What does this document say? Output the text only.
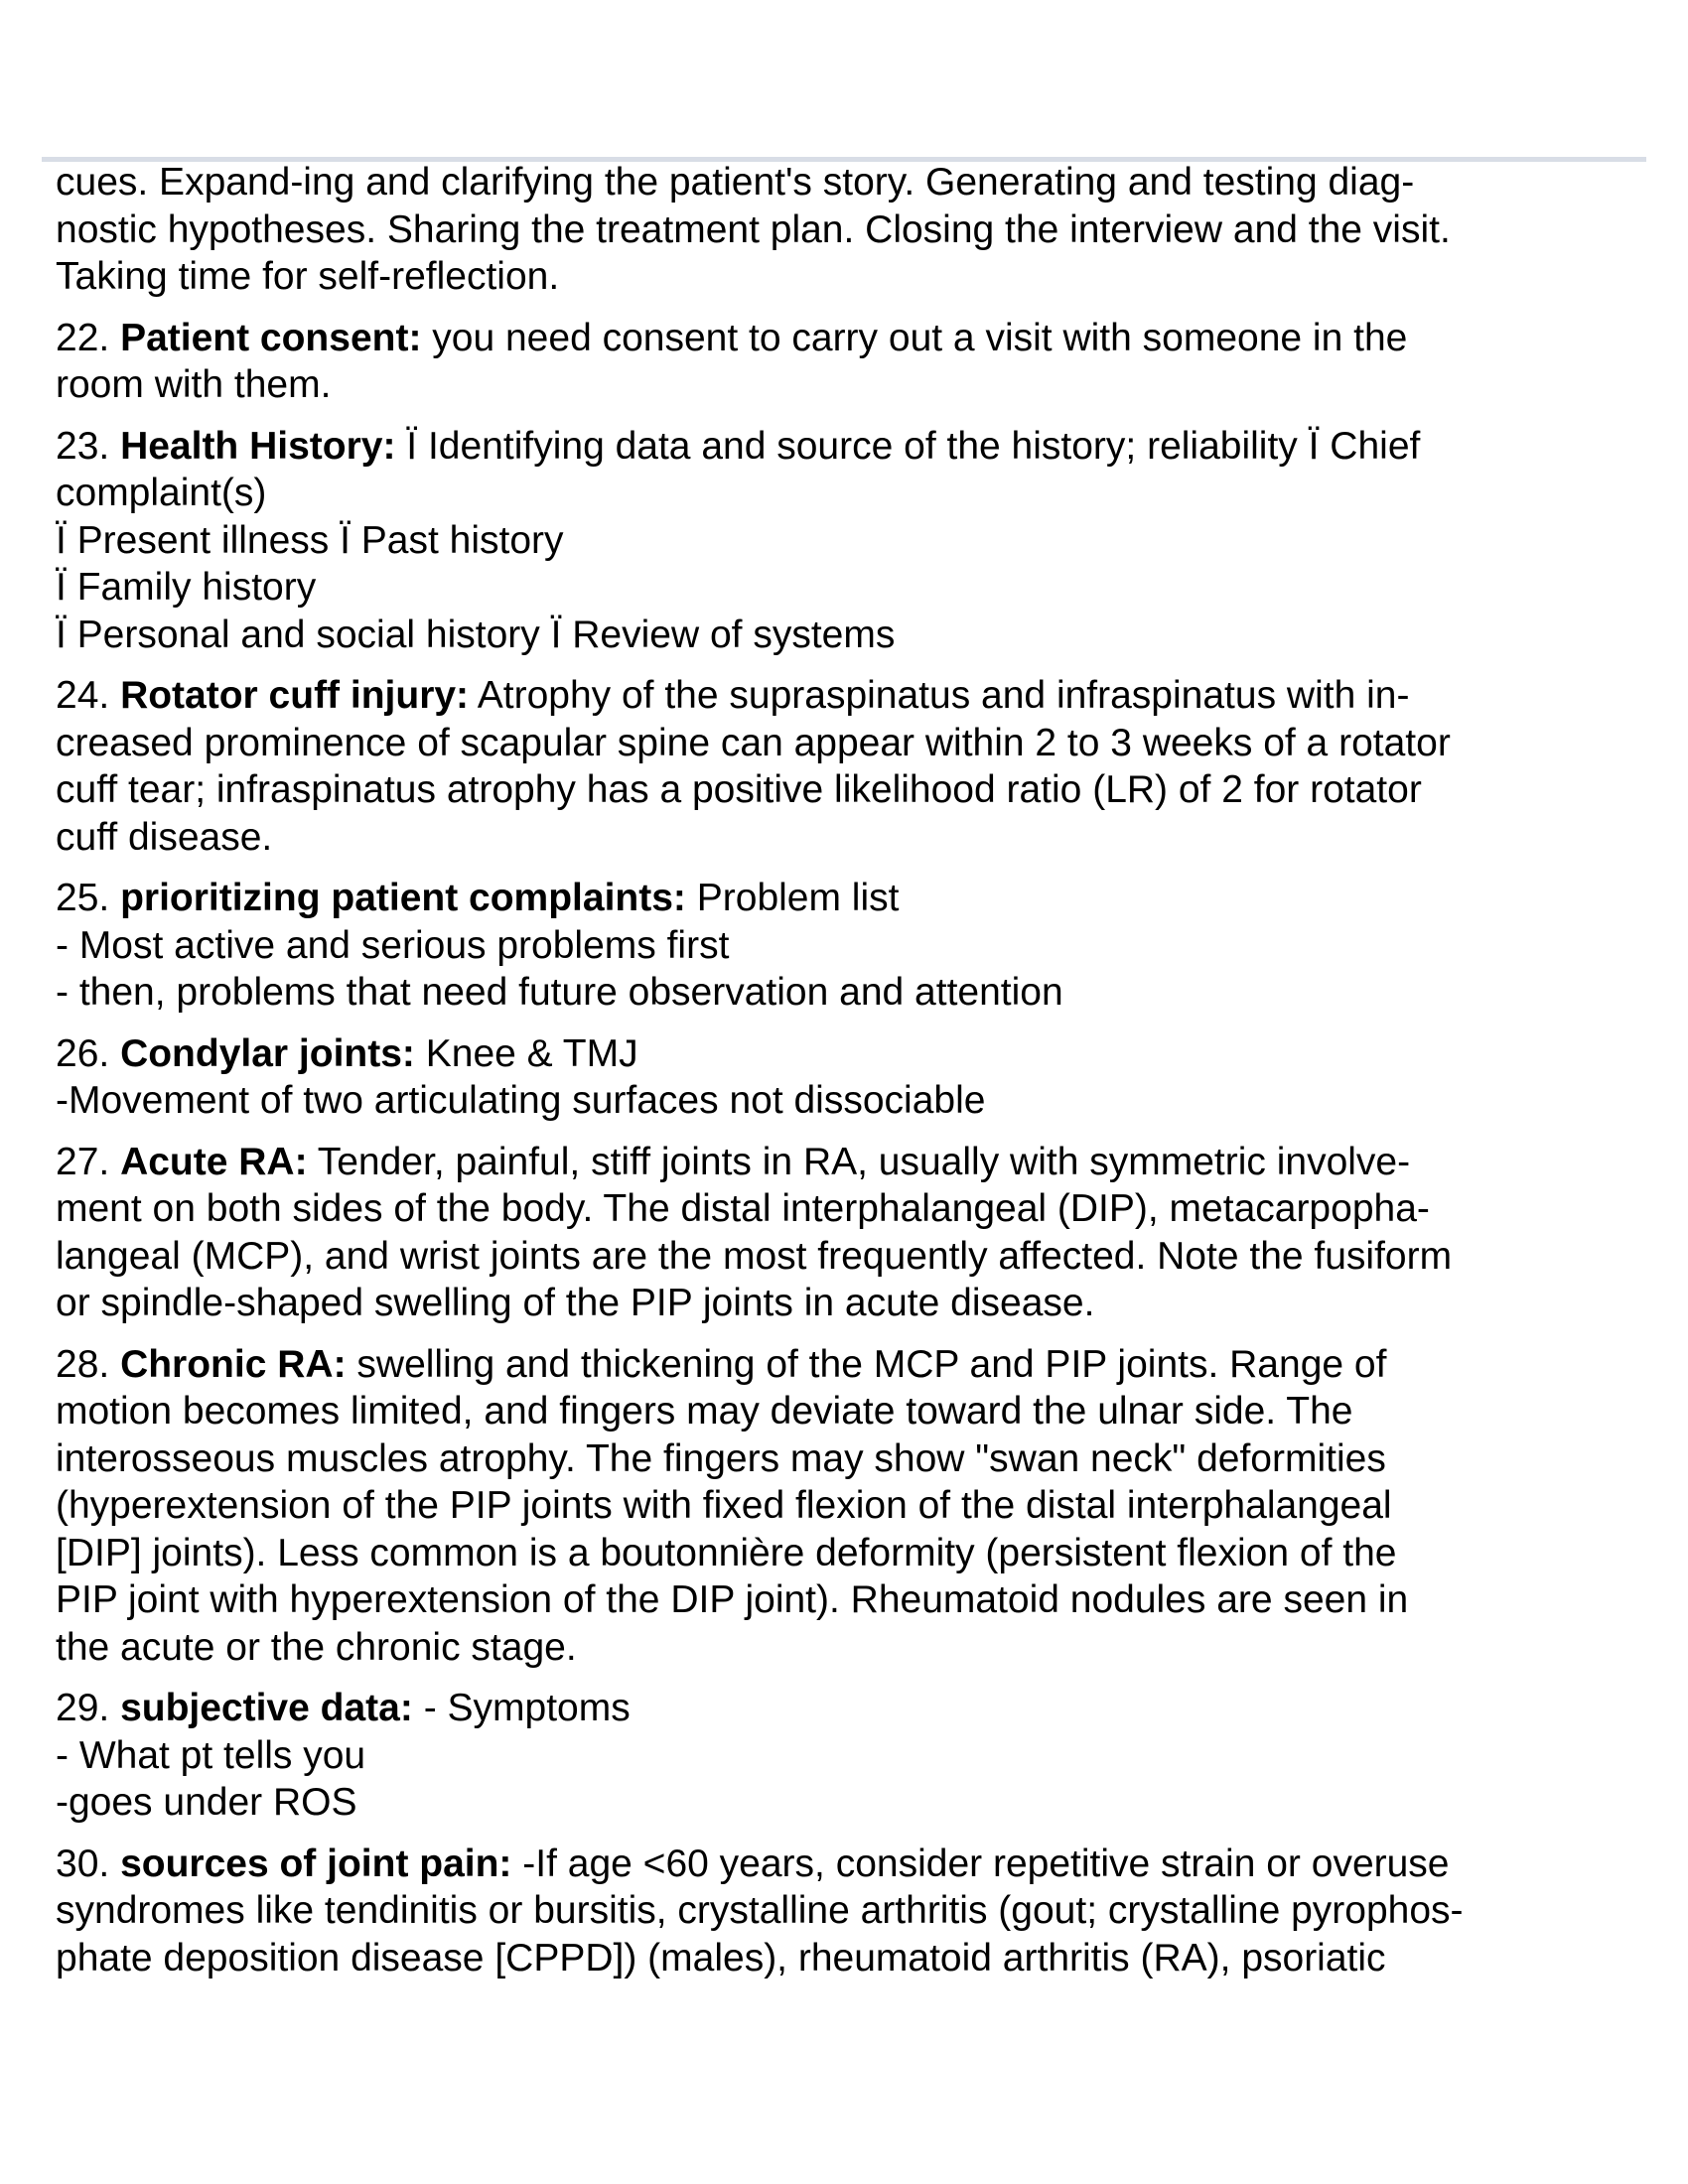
cues. Expand-ing and clarifying the patient's story. Generating and testing diag-
nostic hypotheses. Sharing the treatment plan. Closing the interview and the visit.
Taking time for self-reflection.
22. Patient consent: you need consent to carry out a visit with someone in the
room with them.
23. Health History: Ï Identifying data and source of the history; reliability Ï Chief
complaint(s)
Ï Present illness Ï Past history
Ï Family history
Ï Personal and social history Ï Review of systems
24. Rotator cuff injury: Atrophy of the supraspinatus and infraspinatus with in-
creased prominence of scapular spine can appear within 2 to 3 weeks of a rotator
cuff tear; infraspinatus atrophy has a positive likelihood ratio (LR) of 2 for rotator
cuff disease.
25. prioritizing patient complaints: Problem list
- Most active and serious problems first
- then, problems that need future observation and attention
26. Condylar joints: Knee & TMJ
-Movement of two articulating surfaces not dissociable
27. Acute RA: Tender, painful, stiff joints in RA, usually with symmetric involve-
ment on both sides of the body. The distal interphalangeal (DIP), metacarpopha-
langeal (MCP), and wrist joints are the most frequently affected. Note the fusiform
or spindle-shaped swelling of the PIP joints in acute disease.
28. Chronic RA: swelling and thickening of the MCP and PIP joints. Range of
motion becomes limited, and fingers may deviate toward the ulnar side. The
interosseous muscles atrophy. The fingers may show "swan neck" deformities
(hyperextension of the PIP joints with fixed flexion of the distal interphalangeal
[DIP] joints). Less common is a boutonnière deformity (persistent flexion of the
PIP joint with hyperextension of the DIP joint). Rheumatoid nodules are seen in
the acute or the chronic stage.
29. subjective data: - Symptoms
- What pt tells you
-goes under ROS
30. sources of joint pain: -If age <60 years, consider repetitive strain or overuse
syndromes like tendinitis or bursitis, crystalline arthritis (gout; crystalline pyrophos-
phate deposition disease [CPPD]) (males), rheumatoid arthritis (RA), psoriatic
